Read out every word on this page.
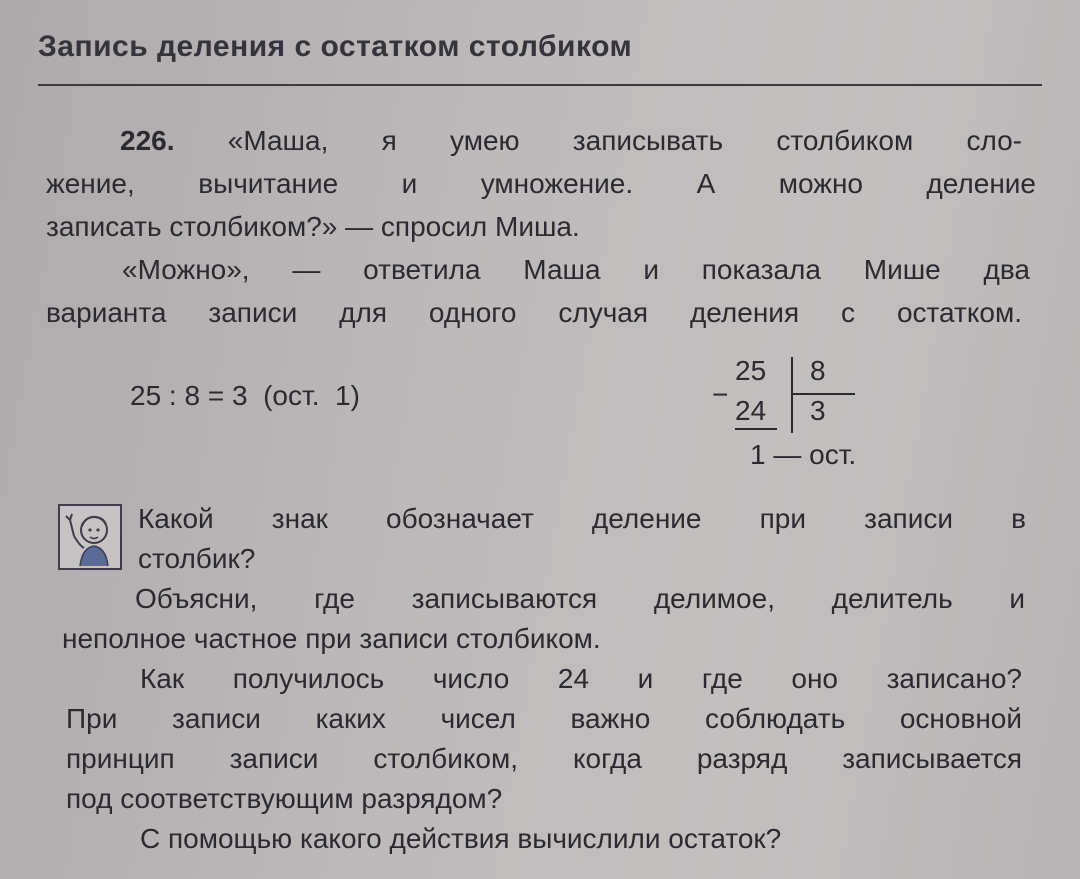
Запись деления с остатком столбиком
226. «Маша, я умею записывать столбиком сло-
жение, вычитание и умножение. А можно деление
записать столбиком?» — спросил Миша.
«Можно», — ответила Маша и показала Мише два
варианта записи для одного случая деления с остатком.
25 : 8 = 3  (ост.  1)	−
25 8
24 3
1 — ост.
Какой знак обозначает деление при записи в
столбик?
Объясни, где записываются делимое, делитель и
неполное частное при записи столбиком.
Как получилось число 24 и где оно записано?
При записи каких чисел важно соблюдать основной
принцип записи столбиком, когда разряд записывается
под соответствующим разрядом?
С помощью какого действия вычислили остаток?
